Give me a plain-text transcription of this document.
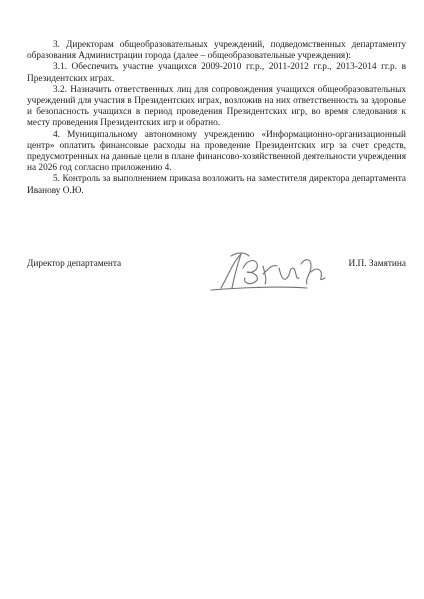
3. Директорам общеобразовательных учреждений, подведомственных департаменту образования Администрации города (далее – общеобразовательные учреждения):

3.1. Обеспечить участие учащихся 2009-2010 гг.р., 2011-2012 гг.р., 2013-2014 гг.р. в Президентских играх.

3.2. Назначить ответственных лиц для сопровождения учащихся общеобразовательных учреждений для участия в Президентских играх, возложив на них ответственность за здоровье и безопасность учащихся в период проведения Президентских игр, во время следования к месту проведения Президентских игр и обратно.

4. Муниципальному автономному учреждению «Информационно-организационный центр» оплатить финансовые расходы на проведение Президентских игр за счет средств, предусмотренных на данные цели в плане финансово-хозяйственной деятельности учреждения на 2026 год согласно приложению 4.

5. Контроль за выполнением приказа возложить на заместителя директора департамента Иванову О.Ю.

Директор департамента	И.П. Замятина
